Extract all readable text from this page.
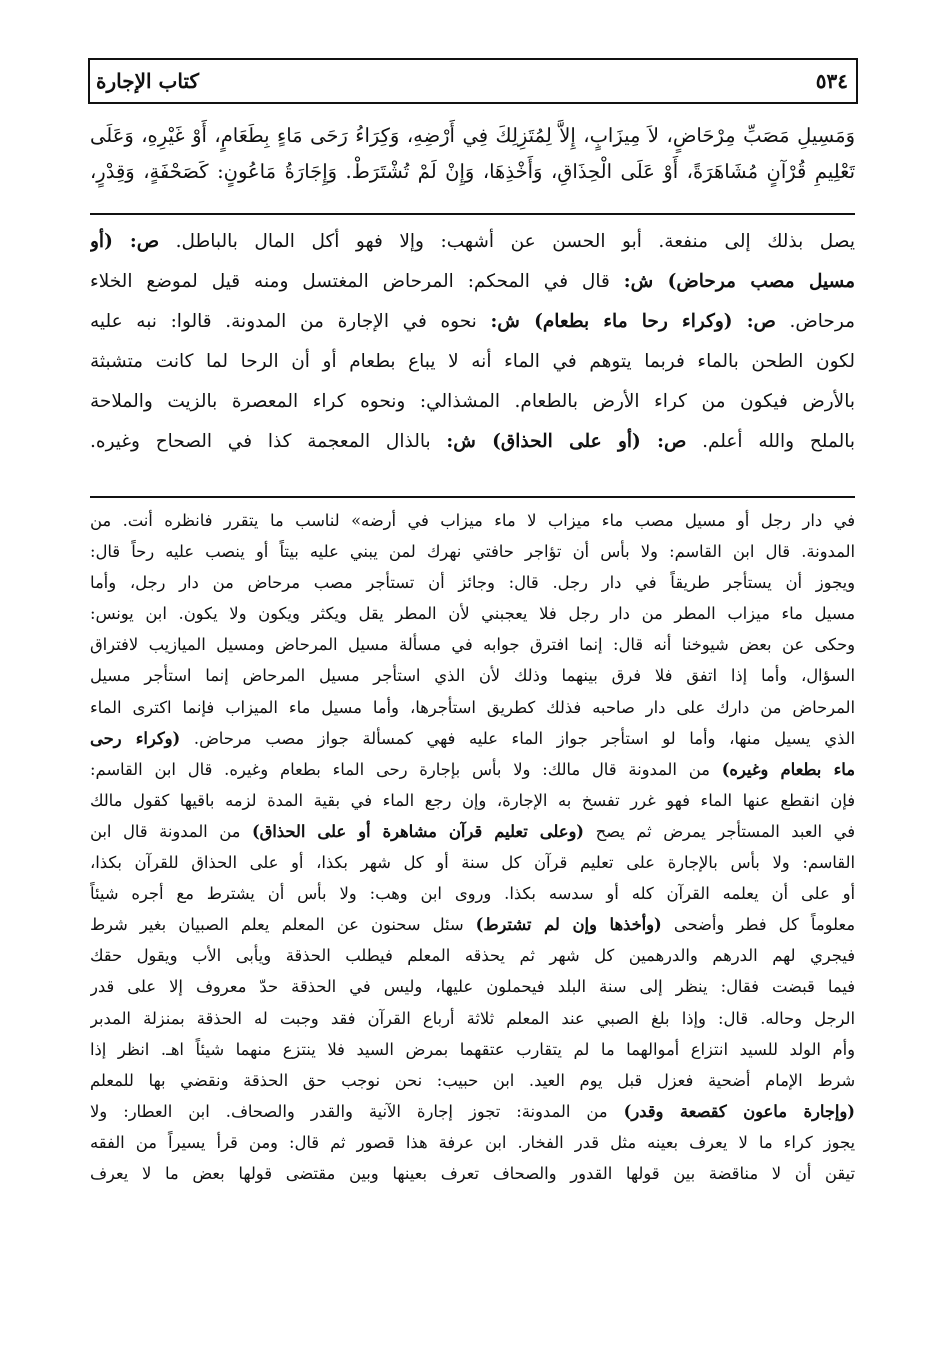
كتاب الإجارة	٥٣٤
وَمَسِيلِ مَصَبِّ مِرْحَاضٍ، لاَ مِيزَابٍ، إِلاَّ لِمُتَزِلِكَ فِي أَرْضِهِ، وَكِرَاءُ رَحَى مَاءٍ بِطَعَامٍ، أَوْ غَيْرِهِ، وَعَلَى
تَعْلِيمِ قُرْآنٍ مُشَاهَرَةً، أَوْ عَلَى الْحِذَاقِ، وَأَخْذِهَا، وَإِنْ لَمْ تُشْتَرَطْ. وَإِجَارَةُ مَاعُونٍ: كَصَحْفَةٍ، وَقِدْرٍ،
يصل بذلك إلى منفعة. أبو الحسن عن أشهب: وإلا فهو أكل المال بالباطل. ص: (أو
مسيل مصب مرحاض) ش: قال في المحكم: المرحاض المغتسل ومنه قيل لموضع الخلاء
مرحاض. ص: (وكراء رحا ماء بطعام) ش: نحوه في الإجارة من المدونة. قالوا: نبه عليه
لكون الطحن بالماء فربما يتوهم في الماء أنه لا يباع بطعام أو أن الرحا لما كانت متشبثة
بالأرض فيكون من كراء الأرض بالطعام. المشذالي: ونحوه كراء المعصرة بالزيت والملاحة
بالملح والله أعلم. ص: (أو على الحذاق) ش: بالذال المعجمة كذا في الصحاح وغيره.
في دار رجل أو مسيل مصب ماء ميزاب لا ماء ميزاب في أرضه» لناسب ما يتقرر فانظره أنت. من
المدونة. قال ابن القاسم: ولا بأس أن تؤاجر حافتي نهرك لمن يبني عليه بيتاً أو ينصب عليه رحاً قال:
ويجوز أن يستأجر طريقاً في دار رجل. قال: وجائز أن تستأجر مصب مرحاض من دار رجل، وأما
مسيل ماء ميزاب المطر من دار رجل فلا يعجبني لأن المطر يقل ويكثر ويكون ولا يكون. ابن يونس:
وحكى عن بعض شيوخنا أنه قال: إنما افترق جوابه في مسألة مسيل المرحاض ومسيل الميازيب لافتراق
السؤال، وأما إذا اتفق فلا فرق بينهما وذلك لأن الذي استأجر مسيل المرحاض إنما استأجر مسيل
المرحاض من دارك على دار صاحبه فذلك كطريق استأجرها، وأما مسيل ماء الميزاب فإنما اكترى الماء
الذي يسيل منها، وأما لو استأجر جواز الماء عليه فهي كمسألة جواز مصب مرحاض. (وكراء رحى
ماء بطعام وغيره) من المدونة قال مالك: ولا بأس بإجارة رحى الماء بطعام وغيره. قال ابن القاسم:
فإن انقطع عنها الماء فهو غرر تفسخ به الإجارة، وإن رجع الماء في بقية المدة لزمه باقيها كقول مالك
في العبد المستأجر يمرض ثم يصح (وعلى تعليم قرآن مشاهرة أو على الحذاق) من المدونة قال ابن
القاسم: ولا بأس بالإجارة على تعليم قرآن كل سنة أو كل شهر بكذا، أو على الحذاق للقرآن بكذا،
أو على أن يعلمه القرآن كله أو سدسه بكذا. وروى ابن وهب: ولا بأس أن يشترط مع أجره شيئاً
معلوماً كل فطر وأضحى (وأخذها وإن لم تشترط) سئل سحنون عن المعلم يعلم الصبيان بغير شرط
فيجري لهم الدرهم والدرهمين كل شهر ثم يحذقه المعلم فيطلب الحذقة ويأبى الأب ويقول حقك
فيما قبضت فقال: ينظر إلى سنة البلد فيحملون عليها، وليس في الحذقة حدّ معروف إلا على قدر
الرجل وحاله. قال: وإذا بلغ الصبي عند المعلم ثلاثة أرباع القرآن فقد وجبت له الحذقة بمنزلة المدبر
وأم الولد للسيد انتزاع أموالهما ما لم يتقارب عتقهما بمرض السيد فلا ينتزع منهما شيئاً اهـ. انظر إذا
شرط الإمام أضحية فعزل قبل يوم العيد. ابن حبيب: نحن نوجب حق الحذقة ونقضي بها للمعلم
(وإجارة ماعون كقصعة وقدر) من المدونة: تجوز إجارة الآنية والقدر والصحاف. ابن العطار: ولا
يجوز كراء ما لا يعرف بعينه مثل قدر الفخار. ابن عرفة هذا قصور ثم قال: ومن قرأ يسيراً من الفقه
تيقن أن لا مناقضة بين قولها القدور والصحاف تعرف بعينها وبين مقتضى قولها بعض ما لا يعرف
